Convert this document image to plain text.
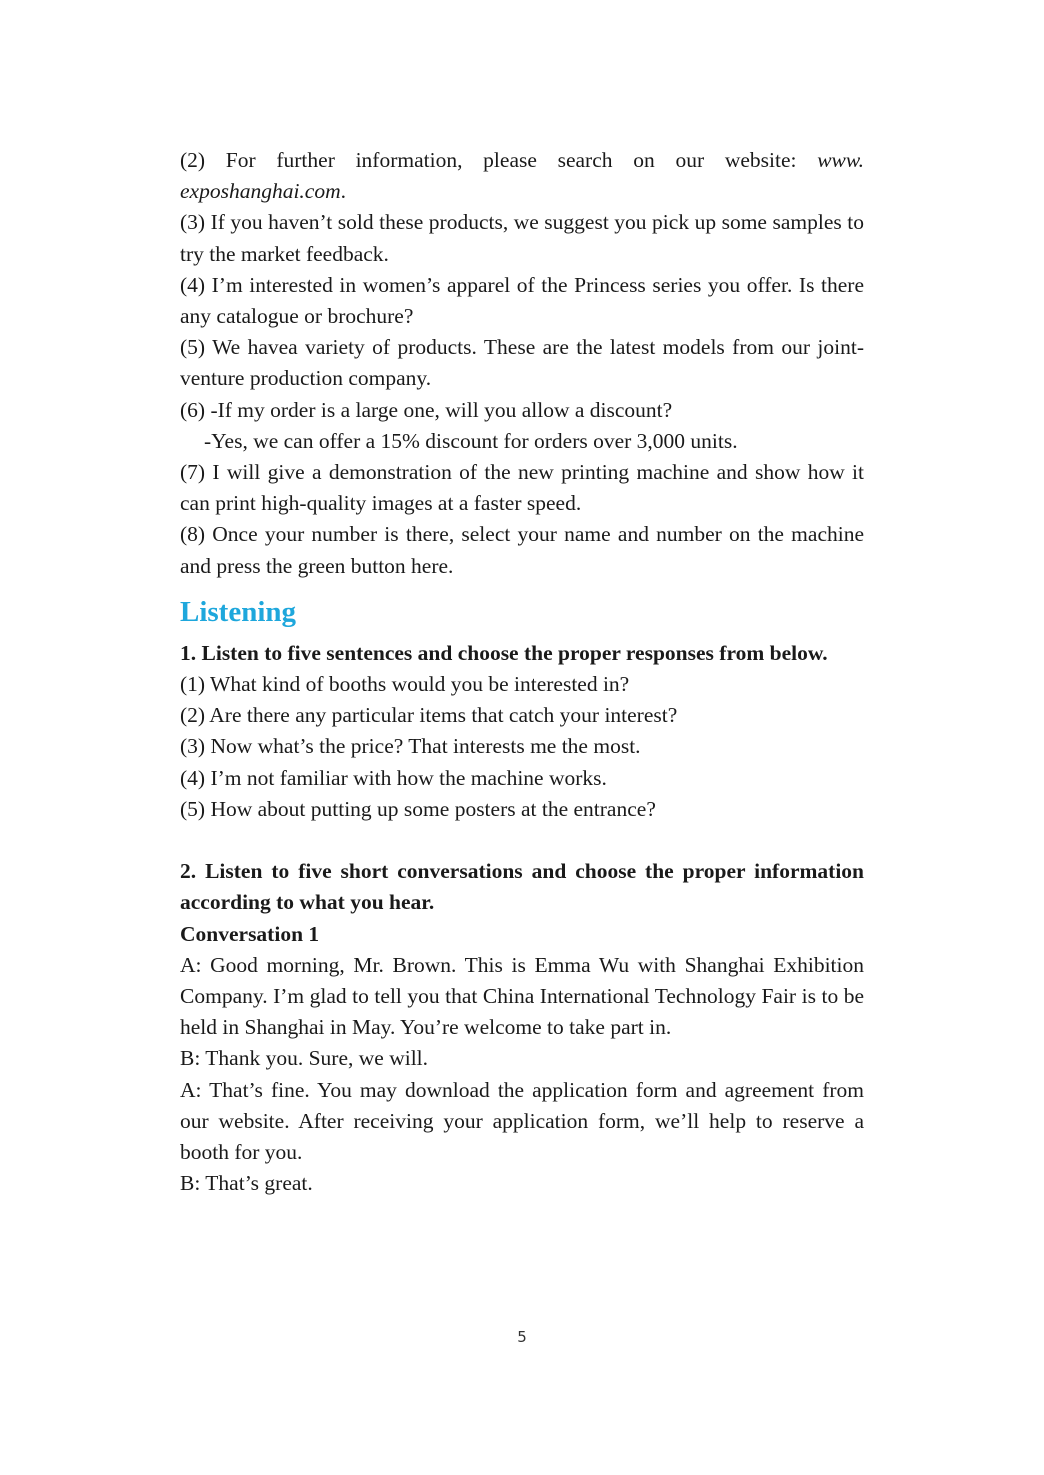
(2) For further information, please search on our website: www. exposhanghai.com.

(3) If you haven’t sold these products, we suggest you pick up some samples to try the market feedback.

(4) I’m interested in women’s apparel of the Princess series you offer. Is there any catalogue or brochure?

(5) We havea variety of products. These are the latest models from our joint-venture production company.

(6) -If my order is a large one, will you allow a discount?

-Yes, we can offer a 15% discount for orders over 3,000 units.

(7) I will give a demonstration of the new printing machine and show how it can print high-quality images at a faster speed.

(8) Once your number is there, select your name and number on the machine and press the green button here.

Listening

1. Listen to five sentences and choose the proper responses from below.

(1) What kind of booths would you be interested in?

(2) Are there any particular items that catch your interest?

(3) Now what’s the price? That interests me the most.

(4) I’m not familiar with how the machine works.

(5) How about putting up some posters at the entrance?

2. Listen to five short conversations and choose the proper information according to what you hear.

Conversation 1

A: Good morning, Mr. Brown. This is Emma Wu with Shanghai Exhibition Company. I’m glad to tell you that China International Technology Fair is to be held in Shanghai in May. You’re welcome to take part in.

B: Thank you. Sure, we will.

A: That’s fine. You may download the application form and agreement from our website. After receiving your application form, we’ll help to reserve a booth for you.

B: That’s great.

5
